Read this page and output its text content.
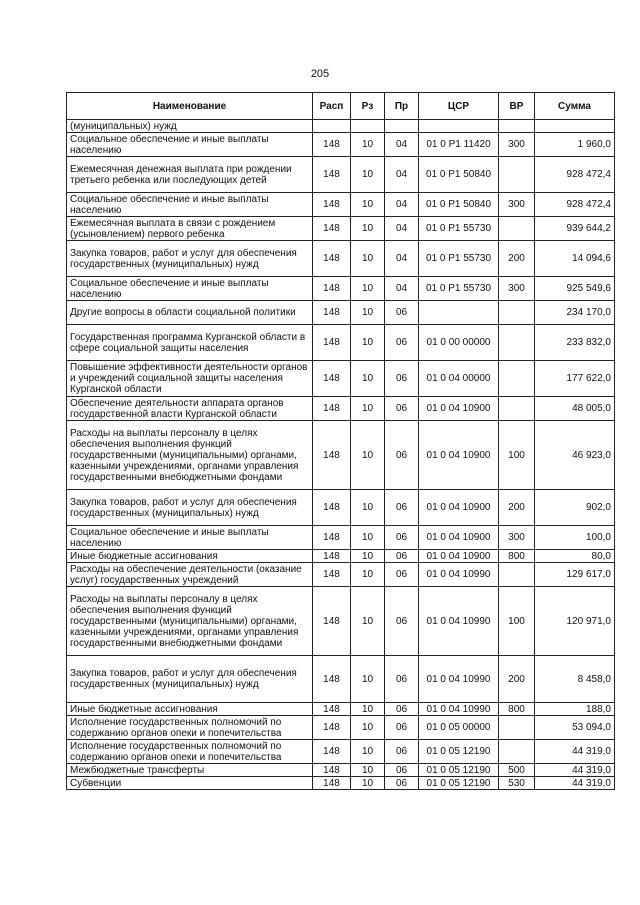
205
Наименование	Расп	Рз	Пр	ЦСР	ВР	Сумма
(муниципальных) нужд						
Социальное обеспечение и иные выплаты населению	148	10	04	01 0 P1 11420	300	1 960,0
Ежемесячная денежная выплата при рождении третьего ребенка или последующих детей	148	10	04	01 0 P1 50840		928 472,4
Социальное обеспечение и иные выплаты населению	148	10	04	01 0 P1 50840	300	928 472,4
Ежемесячная выплата в связи с рождением (усыновлением) первого ребенка	148	10	04	01 0 P1 55730		939 644,2
Закупка товаров, работ и услуг для обеспечения государственных (муниципальных) нужд	148	10	04	01 0 P1 55730	200	14 094,6
Социальное обеспечение и иные выплаты населению	148	10	04	01 0 P1 55730	300	925 549,6
Другие вопросы в области социальной политики	148	10	06			234 170,0
Государственная программа Курганской области в сфере социальной защиты населения	148	10	06	01 0 00 00000		233 832,0
Повышение эффективности деятельности органов и учреждений социальной защиты населения Курганской области	148	10	06	01 0 04 00000		177 622,0
Обеспечение деятельности аппарата органов государственной власти Курганской области	148	10	06	01 0 04 10900		48 005,0
Расходы на выплаты персоналу в целях обеспечения выполнения функций государственными (муниципальными) органами, казенными учреждениями, органами управления государственными внебюджетными фондами	148	10	06	01 0 04 10900	100	46 923,0
Закупка товаров, работ и услуг для обеспечения государственных (муниципальных) нужд	148	10	06	01 0 04 10900	200	902,0
Социальное обеспечение и иные выплаты населению	148	10	06	01 0 04 10900	300	100,0
Иные бюджетные ассигнования	148	10	06	01 0 04 10900	800	80,0
Расходы на обеспечение деятельности (оказание услуг) государственных учреждений	148	10	06	01 0 04 10990		129 617,0
Расходы на выплаты персоналу в целях обеспечения выполнения функций государственными (муниципальными) органами, казенными учреждениями, органами управления государственными внебюджетными фондами	148	10	06	01 0 04 10990	100	120 971,0
Закупка товаров, работ и услуг для обеспечения государственных (муниципальных) нужд	148	10	06	01 0 04 10990	200	8 458,0
Иные бюджетные ассигнования	148	10	06	01 0 04 10990	800	188,0
Исполнение государственных полномочий по содержанию органов опеки и попечительства	148	10	06	01 0 05 00000		53 094,0
Исполнение государственных полномочий по содержанию органов опеки и попечительства	148	10	06	01 0 05 12190		44 319,0
Межбюджетные трансферты	148	10	06	01 0 05 12190	500	44 319,0
Субвенции	148	10	06	01 0 05 12190	530	44 319,0
